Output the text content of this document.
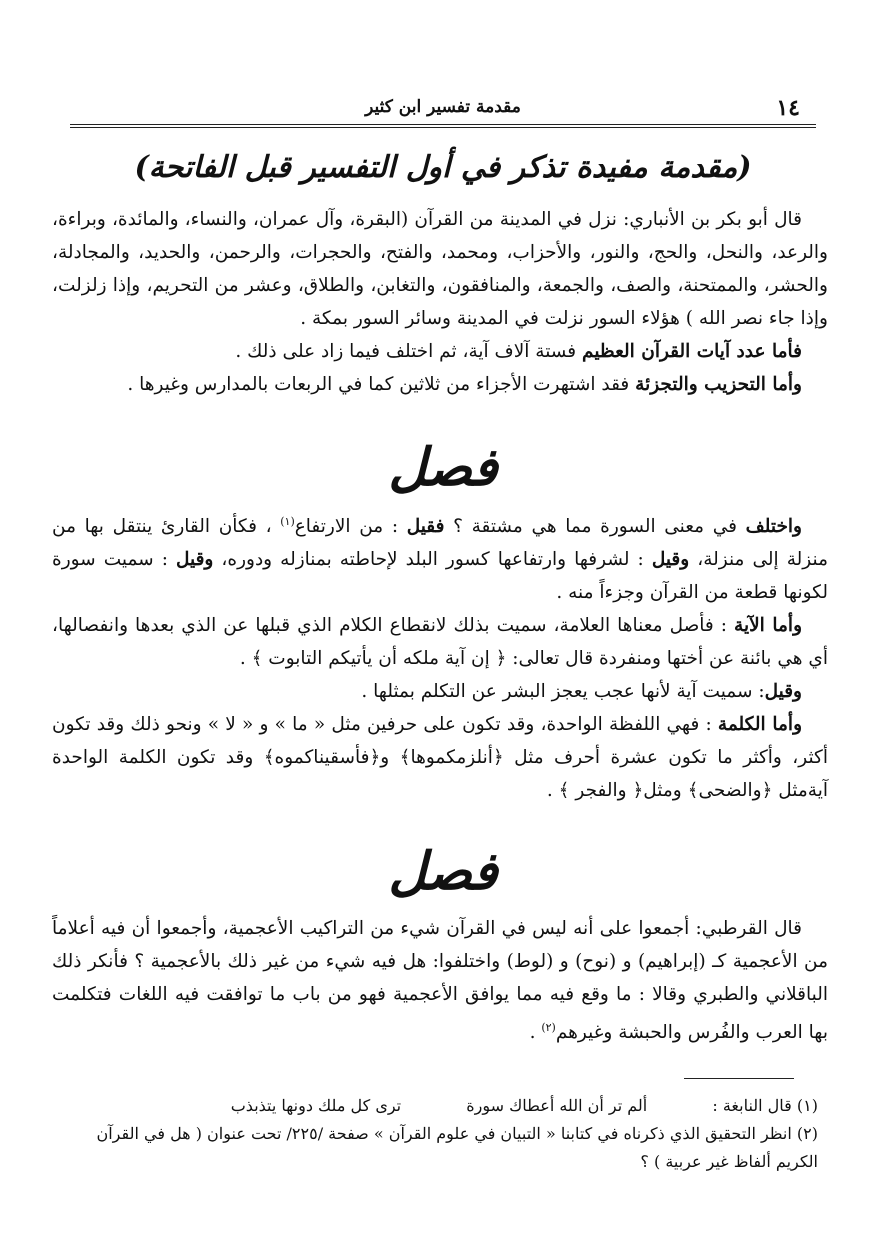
١٤
مقدمة تفسير ابن كثير
(مقدمة مفيدة تذكر في أول التفسير قبل الفاتحة)

قال أبو بكر بن الأنباري: نزل في المدينة من القرآن (البقرة، وآل عمران، والنساء، والمائدة، وبراءة، والرعد، والنحل، والحج، والنور، والأحزاب، ومحمد، والفتح، والحجرات، والرحمن، والحديد، والمجادلة، والحشر، والممتحنة، والصف، والجمعة، والمنافقون، والتغابن، والطلاق، وعشر من التحريم، وإذا زلزلت، وإذا جاء نصر الله ) هؤلاء السور نزلت في المدينة وسائر السور بمكة .

فأما عدد آيات القرآن العظيم فستة آلاف آية، ثم اختلف فيما زاد على ذلك .

وأما التحزيب والتجزئة فقد اشتهرت الأجزاء من ثلاثين كما في الربعات بالمدارس وغيرها .

فصل

واختلف في معنى السورة مما هي مشتقة ؟ فقيل : من الارتفاع$^{(١)}$ ، فكأن القارئ ينتقل بها من منزلة إلى منزلة، وقيل : لشرفها وارتفاعها كسور البلد لإحاطته بمنازله ودوره، وقيل : سميت سورة لكونها قطعة من القرآن وجزءاً منه .

وأما الآية : فأصل معناها العلامة، سميت بذلك لانقطاع الكلام الذي قبلها عن الذي بعدها وانفصالها، أي هي بائنة عن أختها ومنفردة قال تعالى: ﴿ إن آية ملكه أن يأتيكم التابوت ﴾ .

وقيل: سميت آية لأنها عجب يعجز البشر عن التكلم بمثلها .

وأما الكلمة : فهي اللفظة الواحدة، وقد تكون على حرفين مثل « ما » و « لا » ونحو ذلك وقد تكون أكثر، وأكثر ما تكون عشرة أحرف مثل ﴿أنلزمكموها﴾ و﴿فأسقيناكموه﴾ وقد تكون الكلمة الواحدة آيةمثل ﴿والضحى﴾ ومثل﴿ والفجر ﴾ .

فصل

قال القرطبي: أجمعوا على أنه ليس في القرآن شيء من التراكيب الأعجمية، وأجمعوا أن فيه أعلاماً من الأعجمية كـ (إبراهيم) و (نوح) و (لوط) واختلفوا: هل فيه شيء من غير ذلك بالأعجمية ؟ فأنكر ذلك الباقلاني والطبري وقالا : ما وقع فيه مما يوافق الأعجمية فهو من باب ما توافقت فيه اللغات فتكلمت بها العرب والفُرس والحبشة وغيرهم$^{(٢)}$ .

(١) قال النابغة : ألم تر أن الله أعطاك سورة ترى كل ملك دونها يتذبذب

(٢) انظر التحقيق الذي ذكرناه في كتابنا « التبيان في علوم القرآن » صفحة /٢٢٥/ تحت عنوان ( هل في القرآن الكريم ألفاظ غير عربية ) ؟
